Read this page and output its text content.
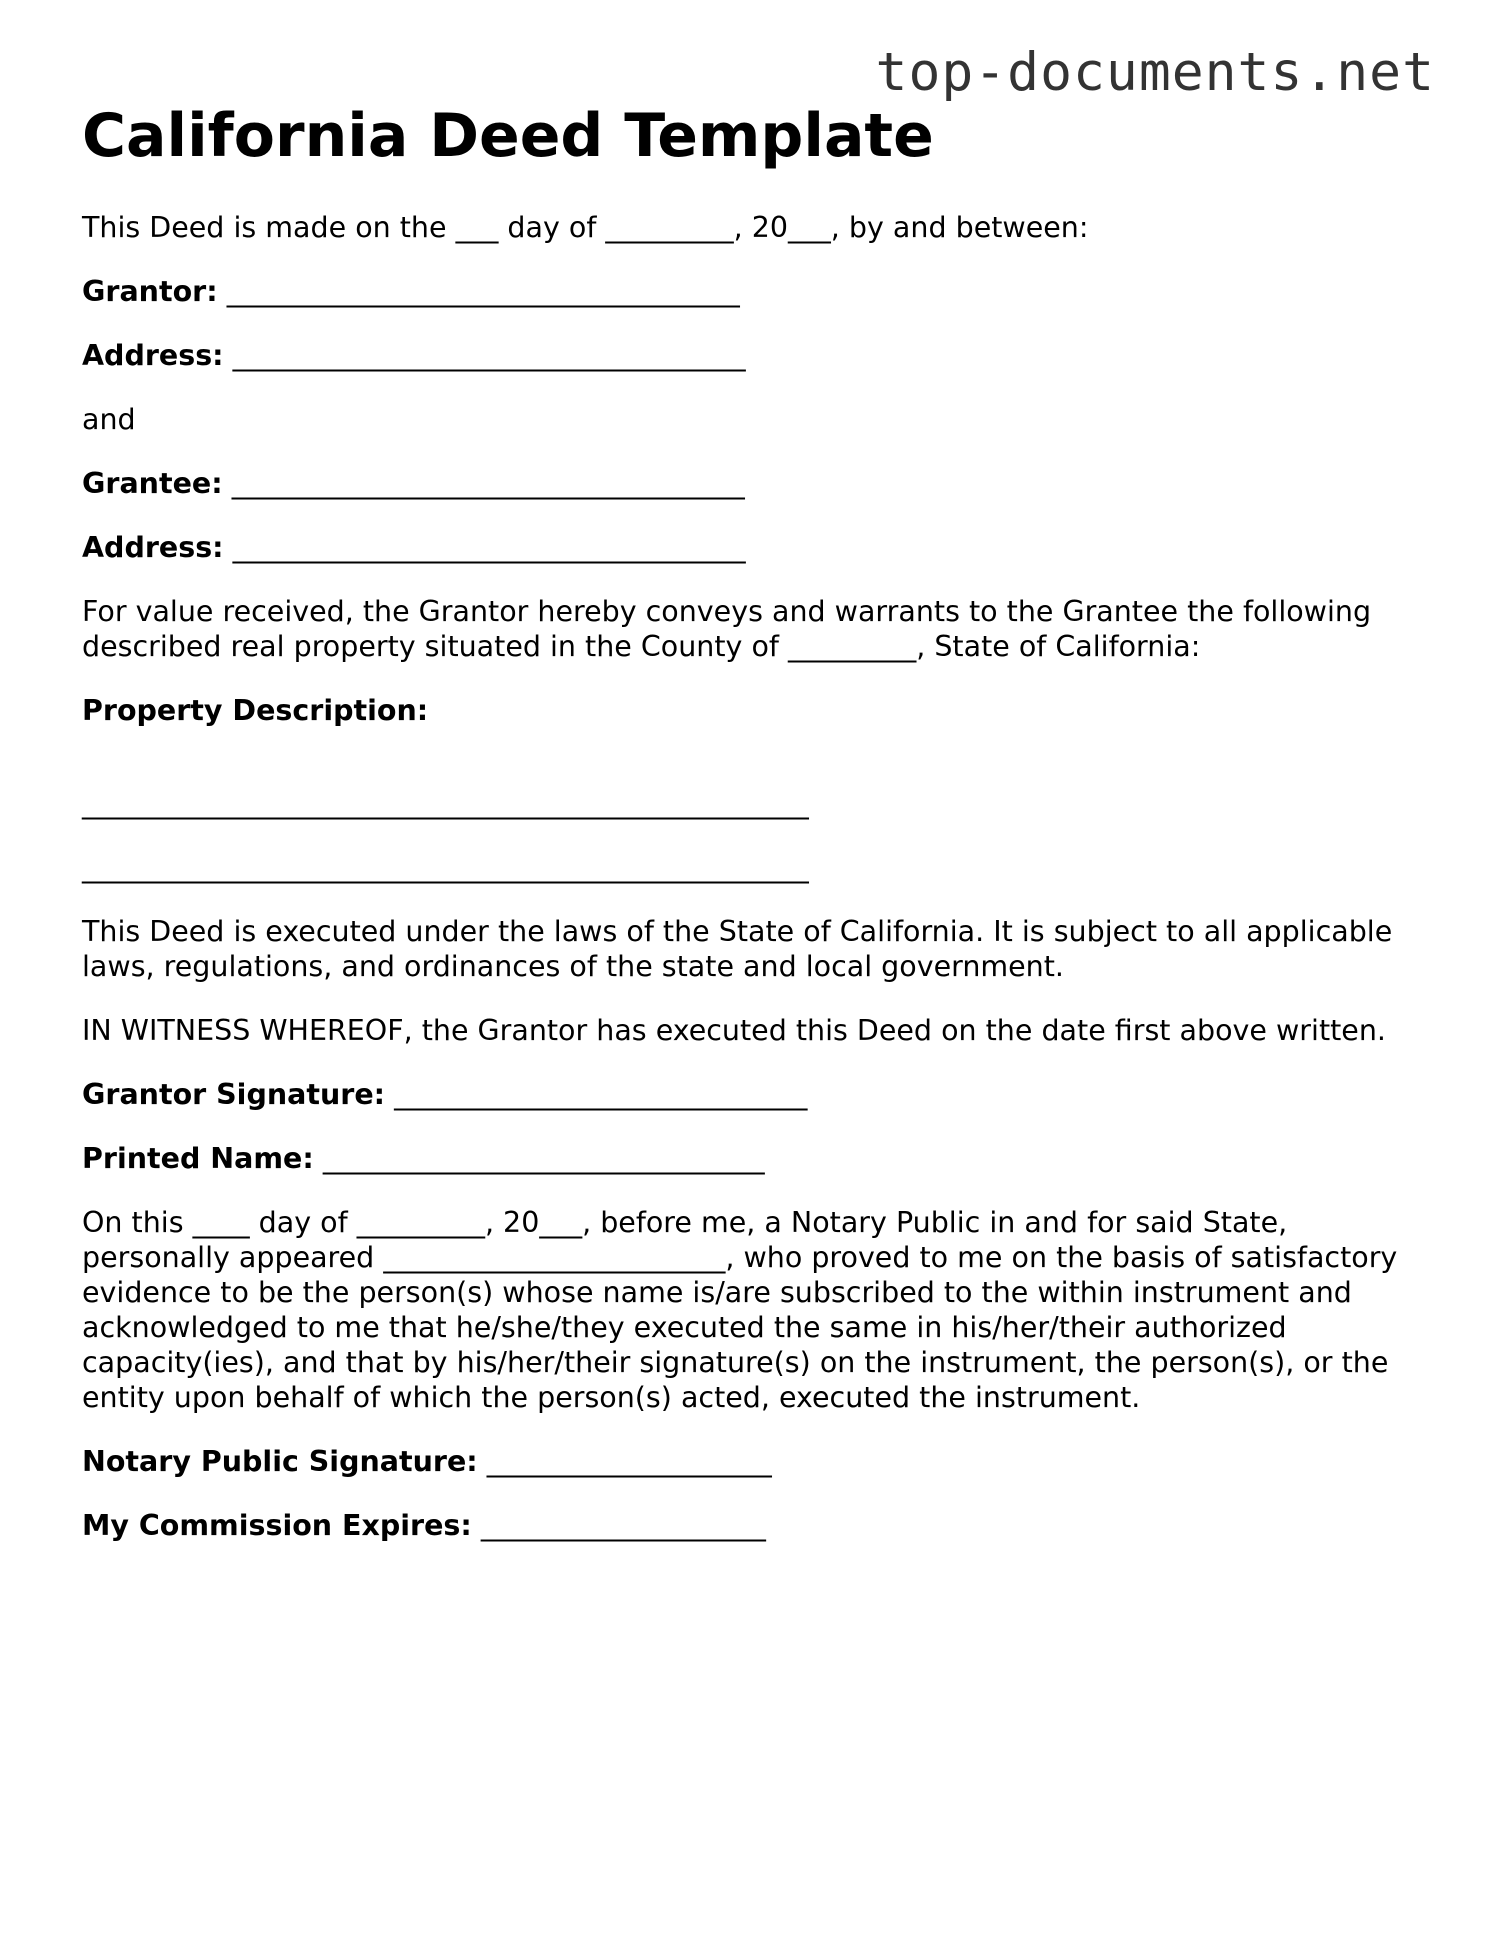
top-documents.net
California Deed Template

This Deed is made on the ___ day of _________, 20___, by and between:

Grantor: ____________________________________
Address: ____________________________________

and

Grantee: ____________________________________
Address: ____________________________________

For value received, the Grantor hereby conveys and warrants to the Grantee the following described real property situated in the County of _________, State of California:

Property Description:
___________________________________________________
___________________________________________________

This Deed is executed under the laws of the State of California. It is subject to all applicable laws, regulations, and ordinances of the state and local government.

IN WITNESS WHEREOF, the Grantor has executed this Deed on the date first above written.

Grantor Signature: _____________________________
Printed Name: _______________________________

On this ____ day of _________, 20___, before me, a Notary Public in and for said State, personally appeared ________________________, who proved to me on the basis of satisfactory evidence to be the person(s) whose name is/are subscribed to the within instrument and acknowledged to me that he/she/they executed the same in his/her/their authorized capacity(ies), and that by his/her/their signature(s) on the instrument, the person(s), or the entity upon behalf of which the person(s) acted, executed the instrument.

Notary Public Signature: ____________________
My Commission Expires: ____________________
